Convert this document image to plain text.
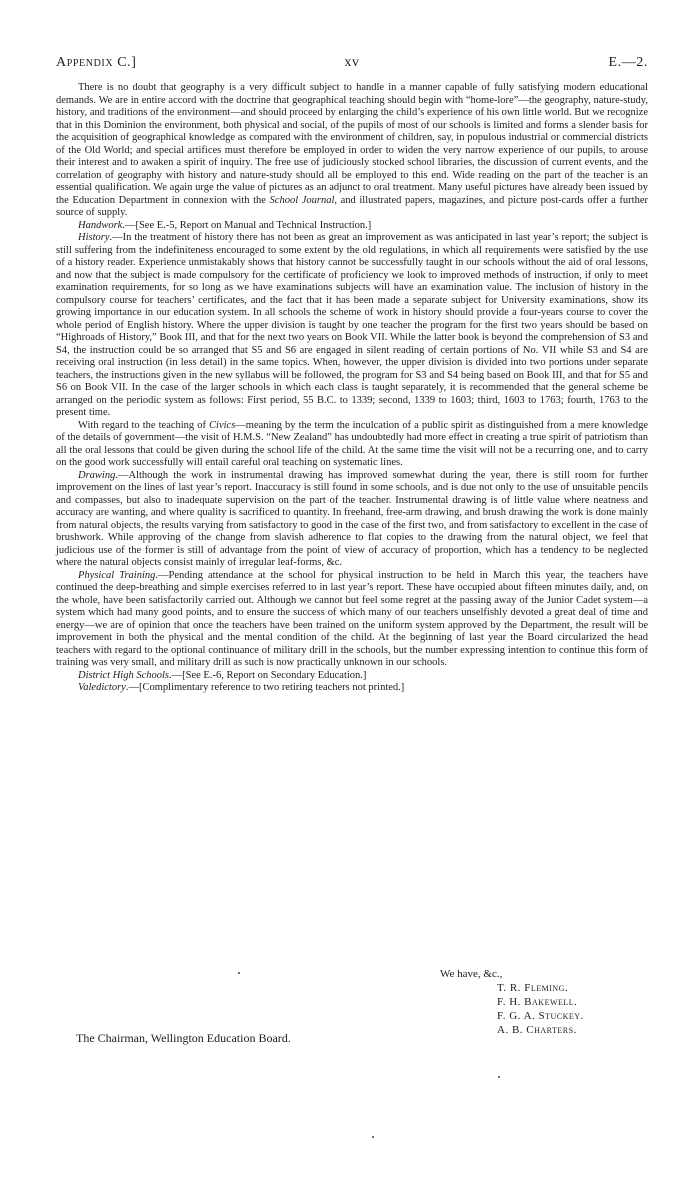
Appendix C.]	xv	E.—2.

There is no doubt that geography is a very difficult subject to handle in a manner capable of fully satisfying modern educational demands. We are in entire accord with the doctrine that geographical teaching should begin with “home-lore”—the geography, nature-study, history, and traditions of the environment—and should proceed by enlarging the child’s experience of his own little world. But we recognize that in this Dominion the environment, both physical and social, of the pupils of most of our schools is limited and forms a slender basis for the acquisition of geographical knowledge as compared with the environment of children, say, in populous industrial or commercial districts of the Old World; and special artifices must therefore be employed in order to widen the very narrow experience of our pupils, to arouse their interest and to awaken a spirit of inquiry. The free use of judiciously stocked school libraries, the discussion of current events, and the correlation of geography with history and nature-study should all be employed to this end. Wide reading on the part of the teacher is an essential qualification. We again urge the value of pictures as an adjunct to oral treatment. Many useful pictures have already been issued by the Education Department in connexion with the School Journal, and illustrated papers, magazines, and picture post-cards offer a further source of supply.

Handwork.—[See E.-5, Report on Manual and Technical Instruction.]

History.—In the treatment of history there has not been as great an improvement as was anticipated in last year’s report; the subject is still suffering from the indefiniteness encouraged to some extent by the old regulations, in which all requirements were satisfied by the use of a history reader. Experience unmistakably shows that history cannot be successfully taught in our schools without the aid of oral lessons, and now that the subject is made compulsory for the certificate of proficiency we look to improved methods of instruction, if only to meet examination requirements, for so long as we have examinations subjects will have an examination value. The inclusion of history in the compulsory course for teachers’ certificates, and the fact that it has been made a separate subject for University examinations, show its growing importance in our education system. In all schools the scheme of work in history should provide a four-years course to cover the whole period of English history. Where the upper division is taught by one teacher the program for the first two years should be based on “Highroads of History,” Book III, and that for the next two years on Book VII. While the latter book is beyond the comprehension of S3 and S4, the instruction could be so arranged that S5 and S6 are engaged in silent reading of certain portions of No. VII while S3 and S4 are receiving oral instruction (in less detail) in the same topics. When, however, the upper division is divided into two portions under separate teachers, the instructions given in the new syllabus will be followed, the program for S3 and S4 being based on Book III, and that for S5 and S6 on Book VII. In the case of the larger schools in which each class is taught separately, it is recommended that the general scheme be arranged on the periodic system as follows: First period, 55 B.C. to 1339; second, 1339 to 1603; third, 1603 to 1763; fourth, 1763 to the present time.

With regard to the teaching of Civics—meaning by the term the inculcation of a public spirit as distinguished from a mere knowledge of the details of government—the visit of H.M.S. “New Zealand” has undoubtedly had more effect in creating a true spirit of patriotism than all the oral lessons that could be given during the school life of the child. At the same time the visit will not be a recurring one, and to carry on the good work successfully will entail careful oral teaching on systematic lines.

Drawing.—Although the work in instrumental drawing has improved somewhat during the year, there is still room for further improvement on the lines of last year’s report. Inaccuracy is still found in some schools, and is due not only to the use of unsuitable pencils and compasses, but also to inadequate supervision on the part of the teacher. Instrumental drawing is of little value where neatness and accuracy are wanting, and where quality is sacrificed to quantity. In freehand, free-arm drawing, and brush drawing the work is done mainly from natural objects, the results varying from satisfactory to good in the case of the first two, and from satisfactory to excellent in the case of brushwork. While approving of the change from slavish adherence to flat copies to the drawing from the natural object, we feel that judicious use of the former is still of advantage from the point of view of accuracy of proportion, which has a tendency to be neglected where the natural objects consist mainly of irregular leaf-forms, &c.

Physical Training.—Pending attendance at the school for physical instruction to be held in March this year, the teachers have continued the deep-breathing and simple exercises referred to in last year’s report. These have occupied about fifteen minutes daily, and, on the whole, have been satisfactorily carried out. Although we cannot but feel some regret at the passing away of the Junior Cadet system—a system which had many good points, and to ensure the success of which many of our teachers unselfishly devoted a great deal of time and energy—we are of opinion that once the teachers have been trained on the uniform system approved by the Department, the result will be improvement in both the physical and the mental condition of the child. At the beginning of last year the Board circularized the head teachers with regard to the optional continuance of military drill in the schools, but the number expressing intention to continue this form of training was very small, and military drill as such is now practically unknown in our schools.

District High Schools.—[See E.-6, Report on Secondary Education.]

Valedictory.—[Complimentary reference to two retiring teachers not printed.]

We have, &c.,
T. R. Fleming.
F. H. Bakewell.
F. G. A. Stuckey.
A. B. Charters.
The Chairman, Wellington Education Board.
